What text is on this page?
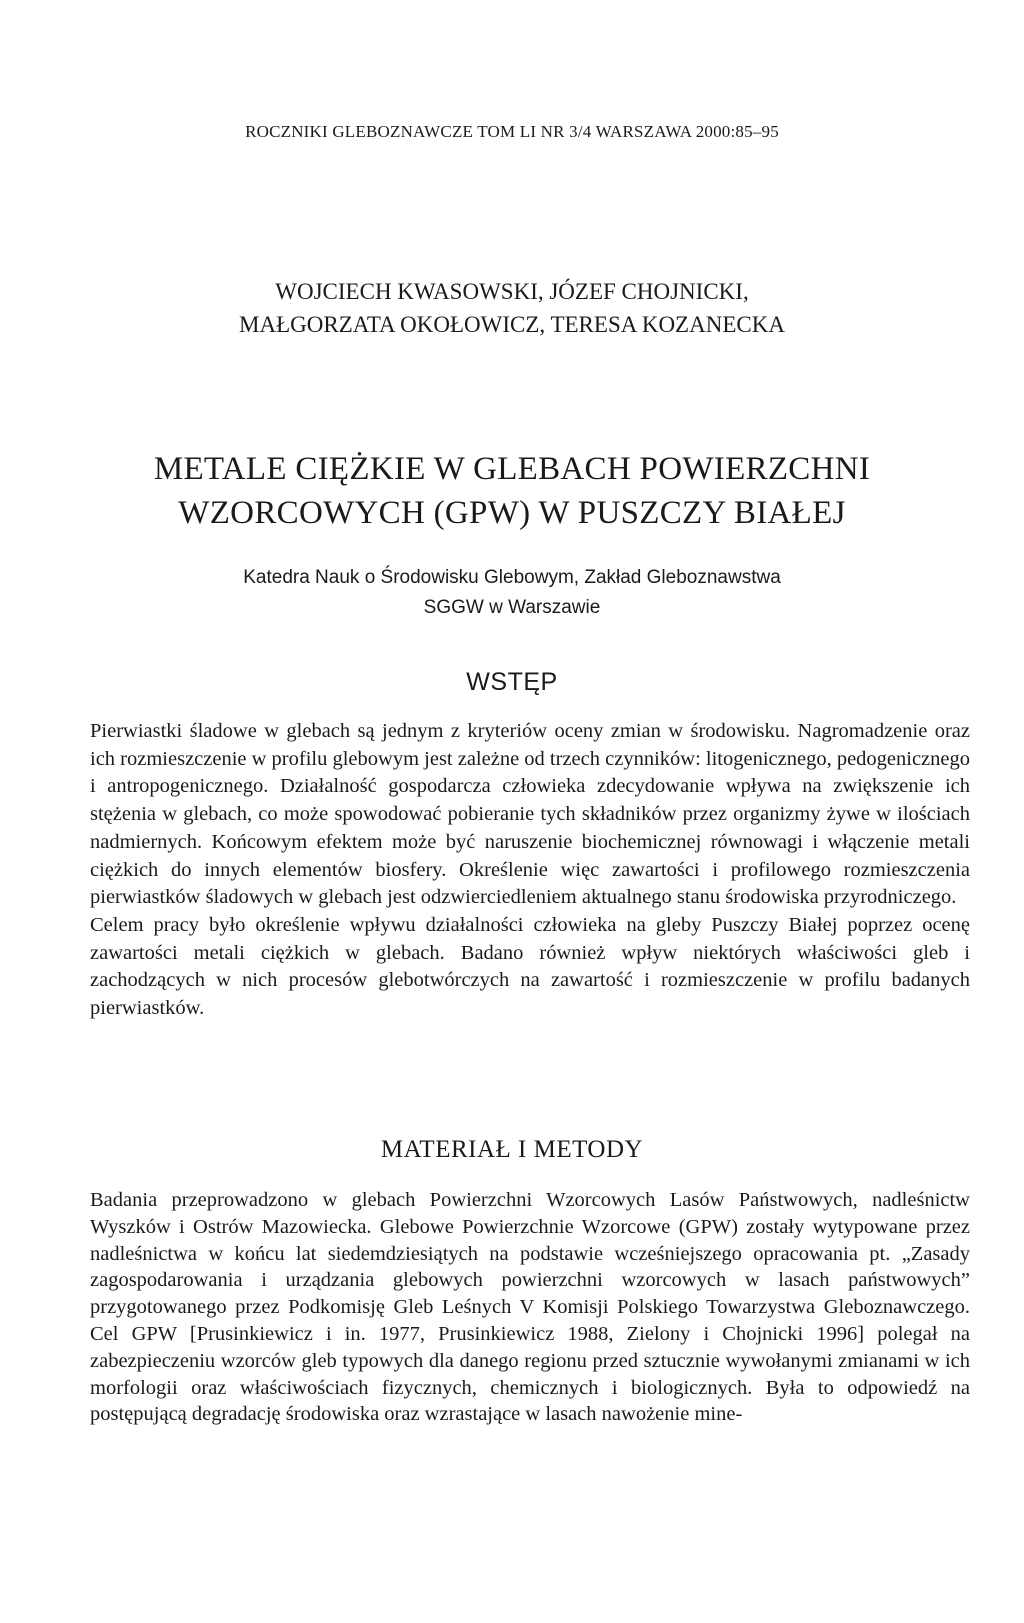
ROCZNIKI GLEBOZNAWCZE TOM LI NR 3/4 WARSZAWA 2000:85–95
WOJCIECH KWASOWSKI, JÓZEF CHOJNICKI,
MAŁGORZATA OKOŁOWICZ, TERESA KOZANECKA
METALE CIĘŻKIE W GLEBACH POWIERZCHNI
WZORCOWYCH (GPW) W PUSZCZY BIAŁEJ
Katedra Nauk o Środowisku Glebowym, Zakład Gleboznawstwa
SGGW w Warszawie
WSTĘP

Pierwiastki śladowe w glebach są jednym z kryteriów oceny zmian w środowisku. Nagromadzenie oraz ich rozmieszczenie w profilu glebowym jest zależne od trzech czynników: litogenicznego, pedogenicznego i antropogenicznego. Działalność gospodarcza człowieka zdecydowanie wpływa na zwiększenie ich stężenia w glebach, co może spowodować pobieranie tych składników przez organizmy żywe w ilościach nadmiernych. Końcowym efektem może być naruszenie biochemicznej równowagi i włączenie metali ciężkich do innych elementów biosfery. Określenie więc zawartości i profilowego rozmieszczenia pierwiastków śladowych w glebach jest odzwierciedleniem aktualnego stanu środowiska przyrodniczego.

Celem pracy było określenie wpływu działalności człowieka na gleby Puszczy Białej poprzez ocenę zawartości metali ciężkich w glebach. Badano również wpływ niektórych właściwości gleb i zachodzących w nich procesów glebotwórczych na zawartość i rozmieszczenie w profilu badanych pierwiastków.

MATERIAŁ I METODY

Badania przeprowadzono w glebach Powierzchni Wzorcowych Lasów Państwowych, nadleśnictw Wyszków i Ostrów Mazowiecka. Glebowe Powierzchnie Wzorcowe (GPW) zostały wytypowane przez nadleśnictwa w końcu lat siedemdziesiątych na podstawie wcześniejszego opracowania pt. „Zasady zagospodarowania i urządzania glebowych powierzchni wzorcowych w lasach państwowych” przygotowanego przez Podkomisję Gleb Leśnych V Komisji Polskiego Towarzystwa Gleboznawczego. Cel GPW [Prusinkiewicz i in. 1977, Prusinkiewicz 1988, Zielony i Chojnicki 1996] polegał na zabezpieczeniu wzorców gleb typowych dla danego regionu przed sztucznie wywołanymi zmianami w ich morfologii oraz właściwościach fizycznych, chemicznych i biologicznych. Była to odpowiedź na postępującą degradację środowiska oraz wzrastające w lasach nawożenie mine-
